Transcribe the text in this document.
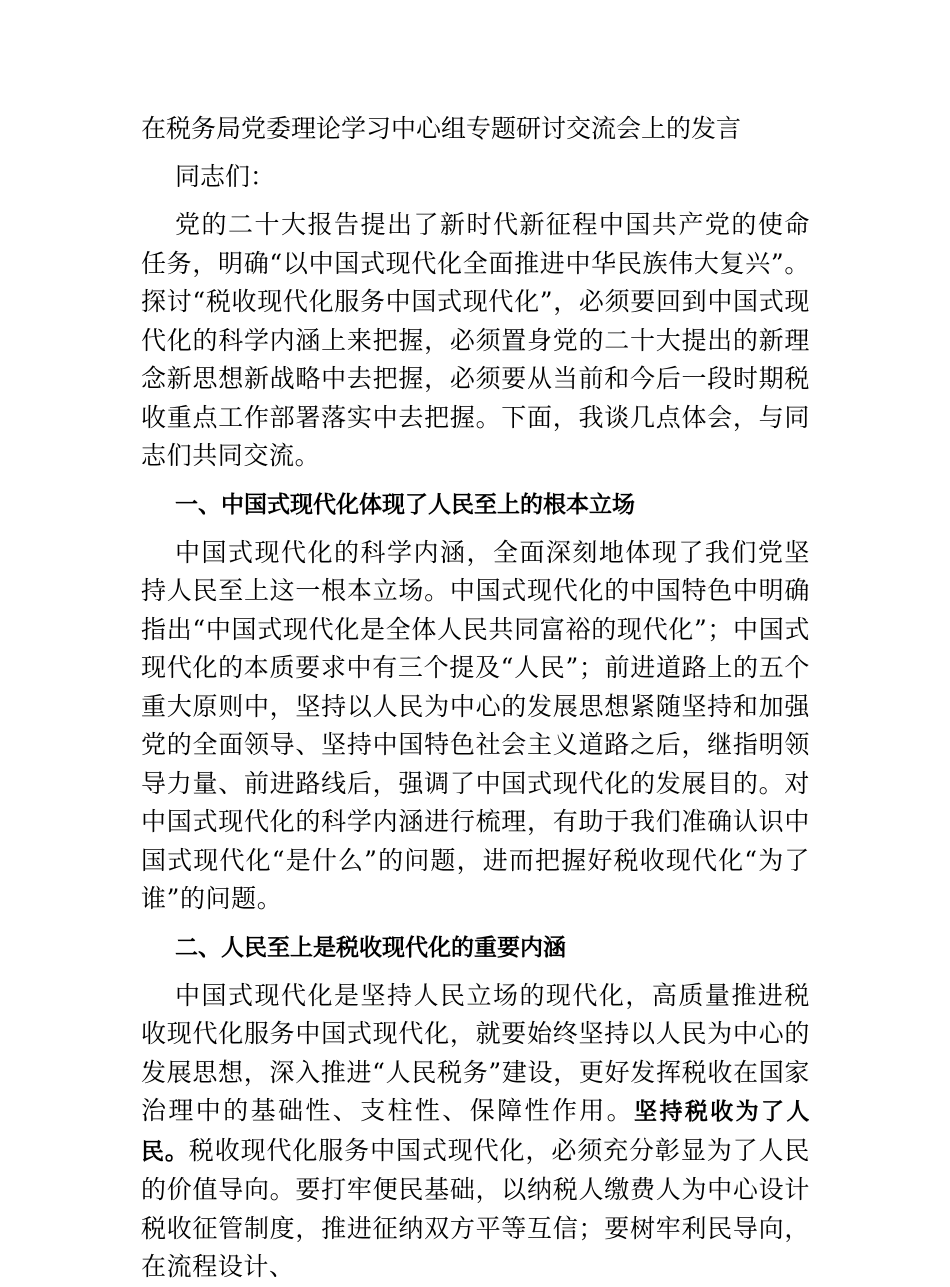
在税务局党委理论学习中心组专题研讨交流会上的发言

同志们：

党的二十大报告提出了新时代新征程中国共产党的使命任务，明确“以中国式现代化全面推进中华民族伟大复兴”。探讨“税收现代化服务中国式现代化”，必须要回到中国式现代化的科学内涵上来把握，必须置身党的二十大提出的新理念新思想新战略中去把握，必须要从当前和今后一段时期税收重点工作部署落实中去把握。下面，我谈几点体会，与同志们共同交流。

一、中国式现代化体现了人民至上的根本立场

中国式现代化的科学内涵，全面深刻地体现了我们党坚持人民至上这一根本立场。中国式现代化的中国特色中明确指出“中国式现代化是全体人民共同富裕的现代化”；中国式现代化的本质要求中有三个提及“人民”；前进道路上的五个重大原则中，坚持以人民为中心的发展思想紧随坚持和加强党的全面领导、坚持中国特色社会主义道路之后，继指明领导力量、前进路线后，强调了中国式现代化的发展目的。对中国式现代化的科学内涵进行梳理，有助于我们准确认识中国式现代化“是什么”的问题，进而把握好税收现代化“为了谁”的问题。

二、人民至上是税收现代化的重要内涵

中国式现代化是坚持人民立场的现代化，高质量推进税收现代化服务中国式现代化，就要始终坚持以人民为中心的发展思想，深入推进“人民税务”建设，更好发挥税收在国家治理中的基础性、支柱性、保障性作用。坚持税收为了人民。税收现代化服务中国式现代化，必须充分彰显为了人民的价值导向。要打牢便民基础，以纳税人缴费人为中心设计税收征管制度，推进征纳双方平等互信；要树牢利民导向，在流程设计、
